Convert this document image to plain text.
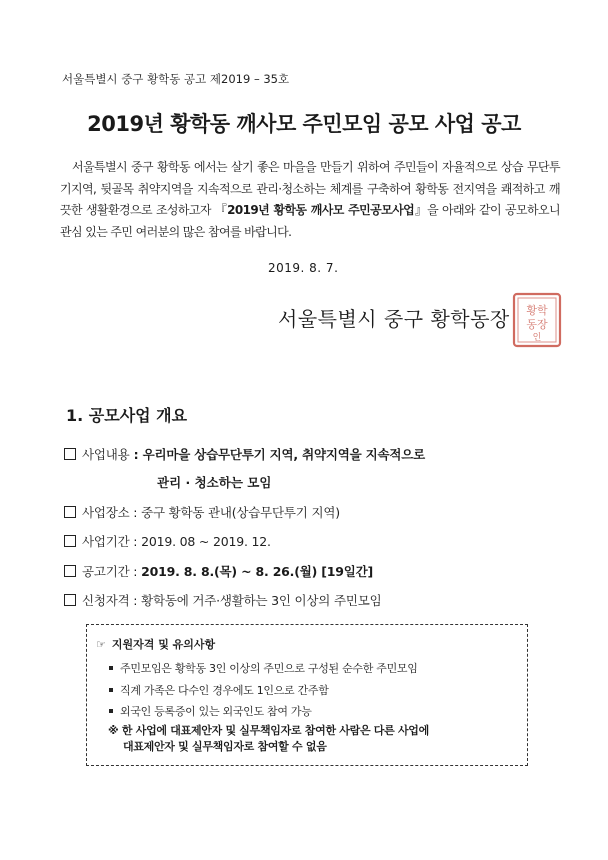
서울특별시 중구 황학동 공고 제2019 – 35호
2019년 황학동 깨사모 주민모임 공모 사업 공고
서울특별시 중구 황학동 에서는 살기 좋은 마을을 만들기 위하여 주민들이 자율적으로 상습 무단투기지역, 뒷골목 취약지역을 지속적으로 관리·청소하는 체계를 구축하여 황학동 전지역을 쾌적하고 깨끗한 생활환경으로 조성하고자 『2019년 황학동 깨사모 주민공모사업』을 아래와 같이 공모하오니 관심 있는 주민 여러분의 많은 참여를 바랍니다.
2019. 8. 7.
서울특별시 중구 황학동장 황학
동장
인
1. 공모사업 개요
사업내용 : 우리마을 상습무단투기 지역, 취약지역을 지속적으로
관리 · 청소하는 모임
사업장소 : 중구 황학동 관내(상습무단투기 지역)
사업기간 : 2019. 08 ~ 2019. 12.
공고기간 : 2019. 8. 8.(목) ~ 8. 26.(월) [19일간]
신청자격 : 황학동에 거주·생활하는 3인 이상의 주민모임
☞ 지원자격 및 유의사항
주민모임은 황학동 3인 이상의 주민으로 구성된 순수한 주민모임
직계 가족은 다수인 경우에도 1인으로 간주함
외국인 등록증이 있는 외국인도 참여 가능
※ 한 사업에 대표제안자 및 실무책임자로 참여한 사람은 다른 사업에
대표제안자 및 실무책임자로 참여할 수 없음
